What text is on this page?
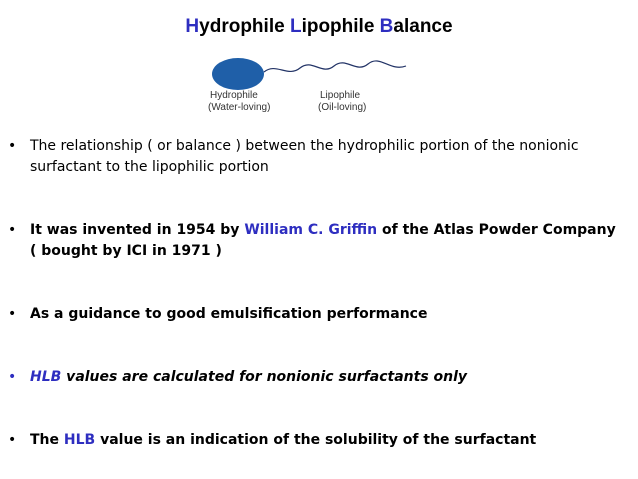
Hydrophile Lipophile Balance
Hydrophile
(Water-loving)
Lipophile
(Oil-loving)
• The relationship ( or balance ) between the hydrophilic portion of the nonionic surfactant to the lipophilic portion
• It was invented in 1954 by William C. Griffin of the Atlas Powder Company ( bought by ICI in 1971 )
• As a guidance to good emulsification performance
• HLB values are calculated for nonionic surfactants only
• The HLB value is an indication of the solubility of the surfactant
